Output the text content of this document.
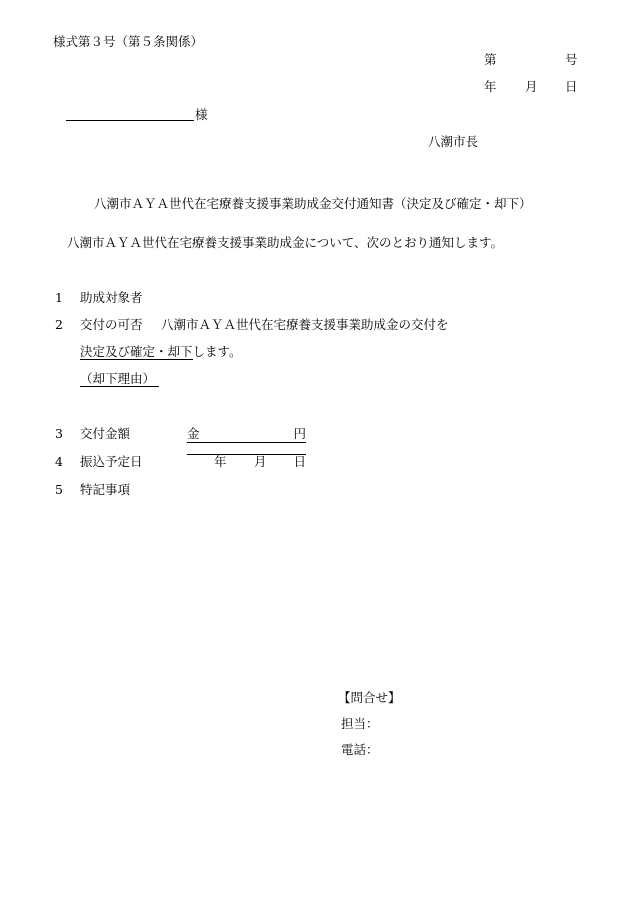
様式第３号（第５条関係）
第	号
年 月 日
様
八潮市長
八潮市ＡＹＡ世代在宅療養支援事業助成金交付通知書（決定及び確定・却下）
八潮市ＡＹＡ世代在宅療養支援事業助成金について、次のとおり通知します。
1 助成対象者
2 交付の可否 八潮市ＡＹＡ世代在宅療養支援事業助成金の交付を
決定及び確定・却下します。
（却下理由）
3 交付金額	金	円
4 振込予定日	年 月 日
5 特記事項
【問合せ】
担当：
電話：
